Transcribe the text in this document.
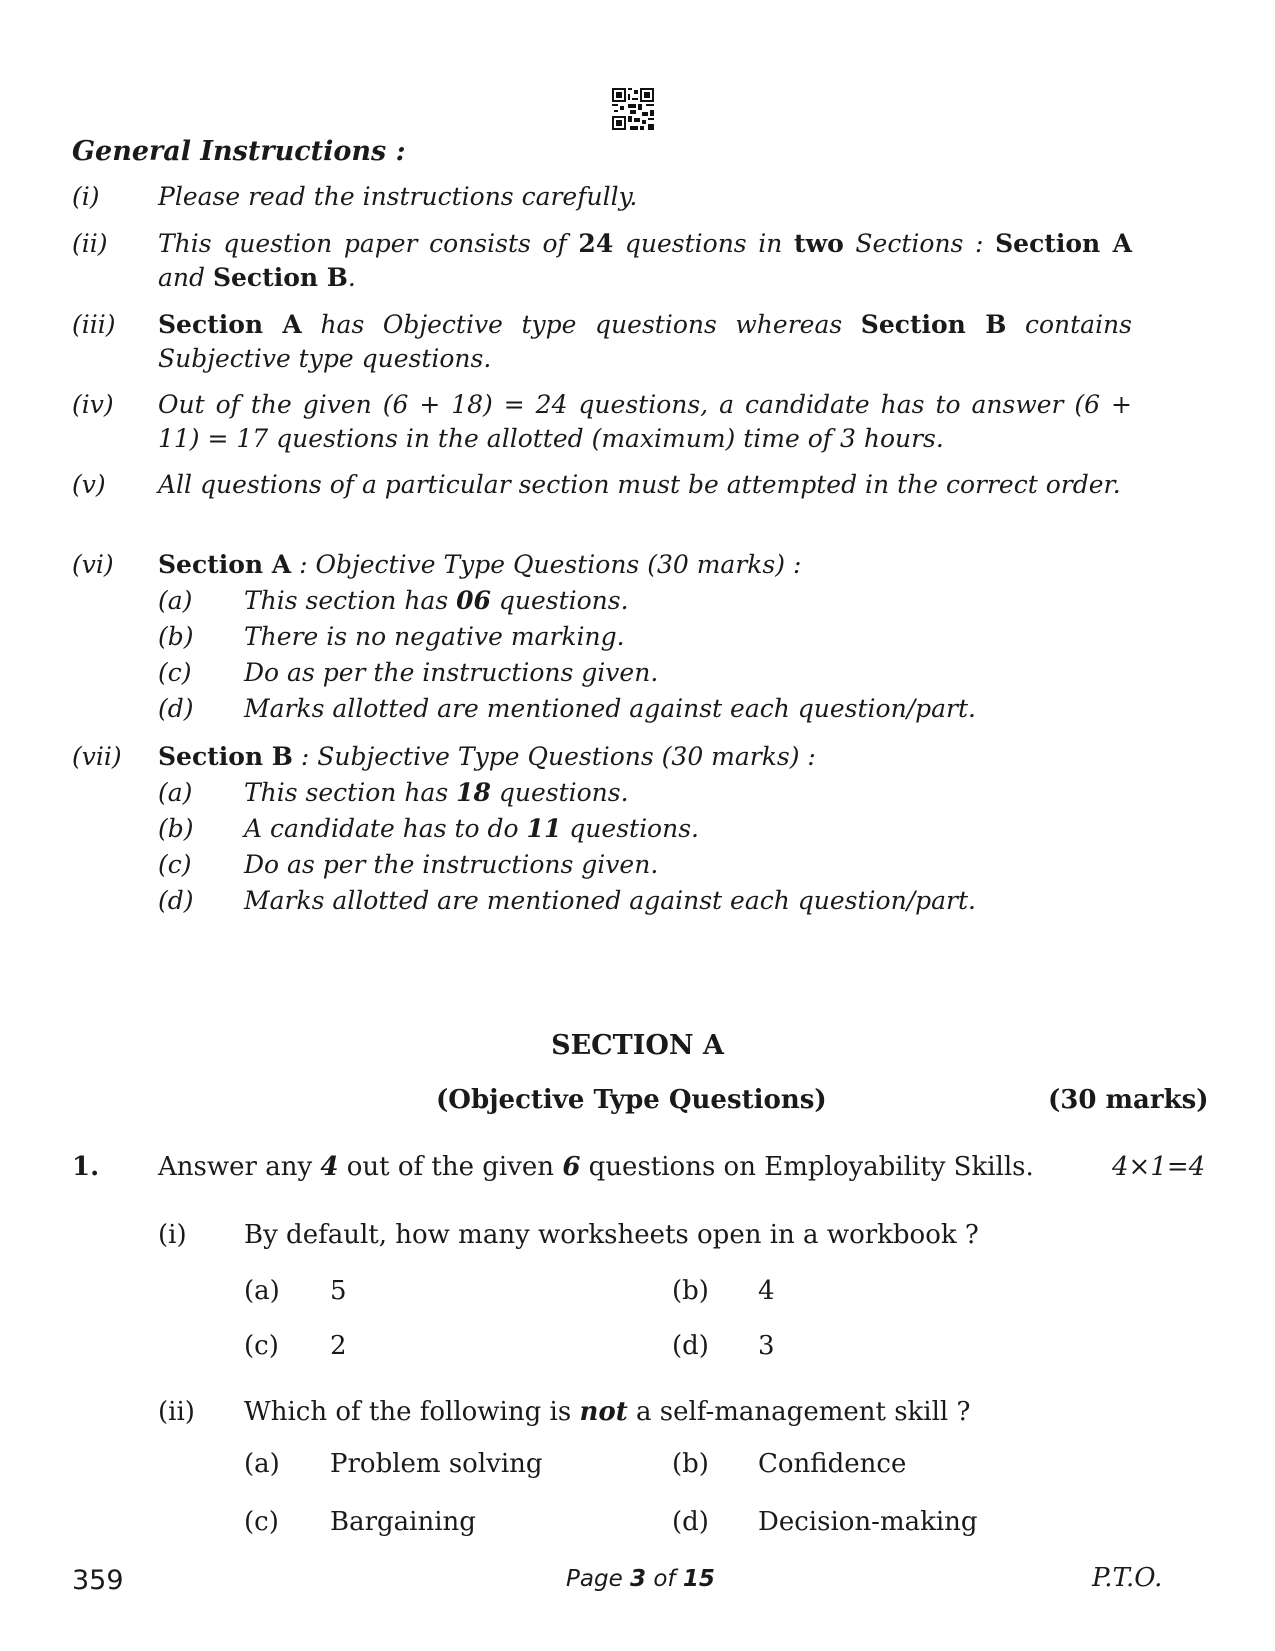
General Instructions :
(i) Please read the instructions carefully.
(ii) This question paper consists of 24 questions in two Sections : Section A and Section B.
(iii) Section A has Objective type questions whereas Section B contains Subjective type questions.
(iv) Out of the given (6 + 18) = 24 questions, a candidate has to answer (6 + 11) = 17 questions in the allotted (maximum) time of 3 hours.
(v) All questions of a particular section must be attempted in the correct order.
(vi) Section A : Objective Type Questions (30 marks) :
(vii) Section B : Subjective Type Questions (30 marks) :
(a) This section has 06 questions.
(b) There is no negative marking.
(c) Do as per the instructions given.
(d) Marks allotted are mentioned against each question/part.
(a) This section has 18 questions.
(b) A candidate has to do 11 questions.
(c) Do as per the instructions given.
(d) Marks allotted are mentioned against each question/part.
SECTION A
(Objective Type Questions)	(30 marks)
1. Answer any 4 out of the given 6 questions on Employability Skills.	4×1=4
(i) By default, how many worksheets open in a workbook ?
(a) 5	(b) 4
(c) 2	(d) 3
(ii) Which of the following is not a self-management skill ?
(a) Problem solving	(b) Confidence
(c) Bargaining	(d) Decision-making
359	Page 3 of 15	P.T.O.
